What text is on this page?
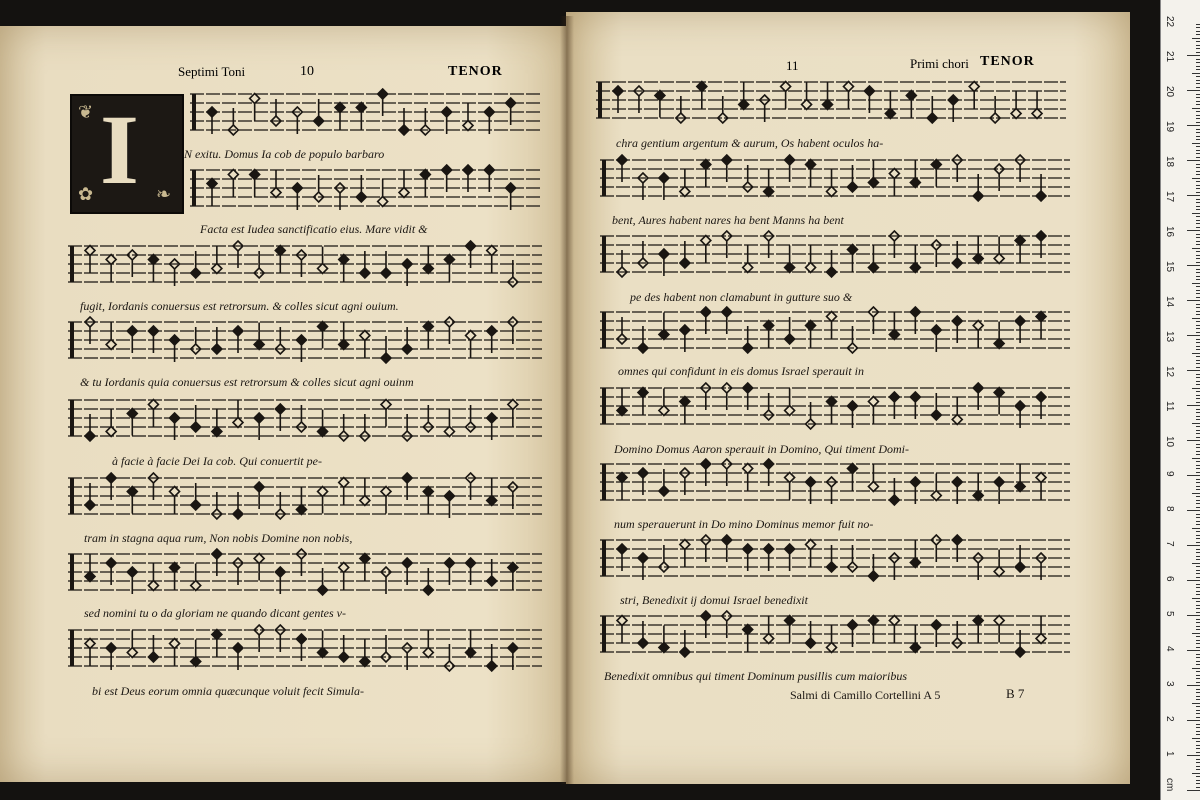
Septimi Toni	10	TENOR
❦
❧
✿ I
11	Primi chori TENOR
N exitu. Domus Ia cob de populo barbaro
Facta est Iudea sanctificatio eius. Mare vidit &
fugit, Iordanis conuersus est retrorsum. & colles sicut agni ouium.
& tu Iordanis quia conuersus est retrorsum & colles sicut agni ouinm
à facie à facie Dei Ia cob. Qui conuertit pe-
tram in stagna aqua rum, Non nobis Domine non nobis,
sed nomini tu o da gloriam ne quando dicant gentes v-
bi est Deus eorum omnia quæcunque voluit fecit Simula-
chra gentium argentum & aurum, Os habent oculos ha-
bent, Aures habent nares ha bent Manns ha bent
pe des habent non clamabunt in gutture suo &
omnes qui confidunt in eis domus Israel sperauit in
Domino Domus Aaron sperauit in Domino, Qui timent Domi-
num sperauerunt in Do mino Dominus memor fuit no-
stri, Benedixit ij domui Israel benedixit
Benedixit omnibus qui timent Dominum pusillis cum maioribus
Salmi di Camillo Cortellini A 5	B 7
1
2
3
4
5
6
7
8
9
10
11
12
13
14
15
16
17
18
19
20
21
22
cm
